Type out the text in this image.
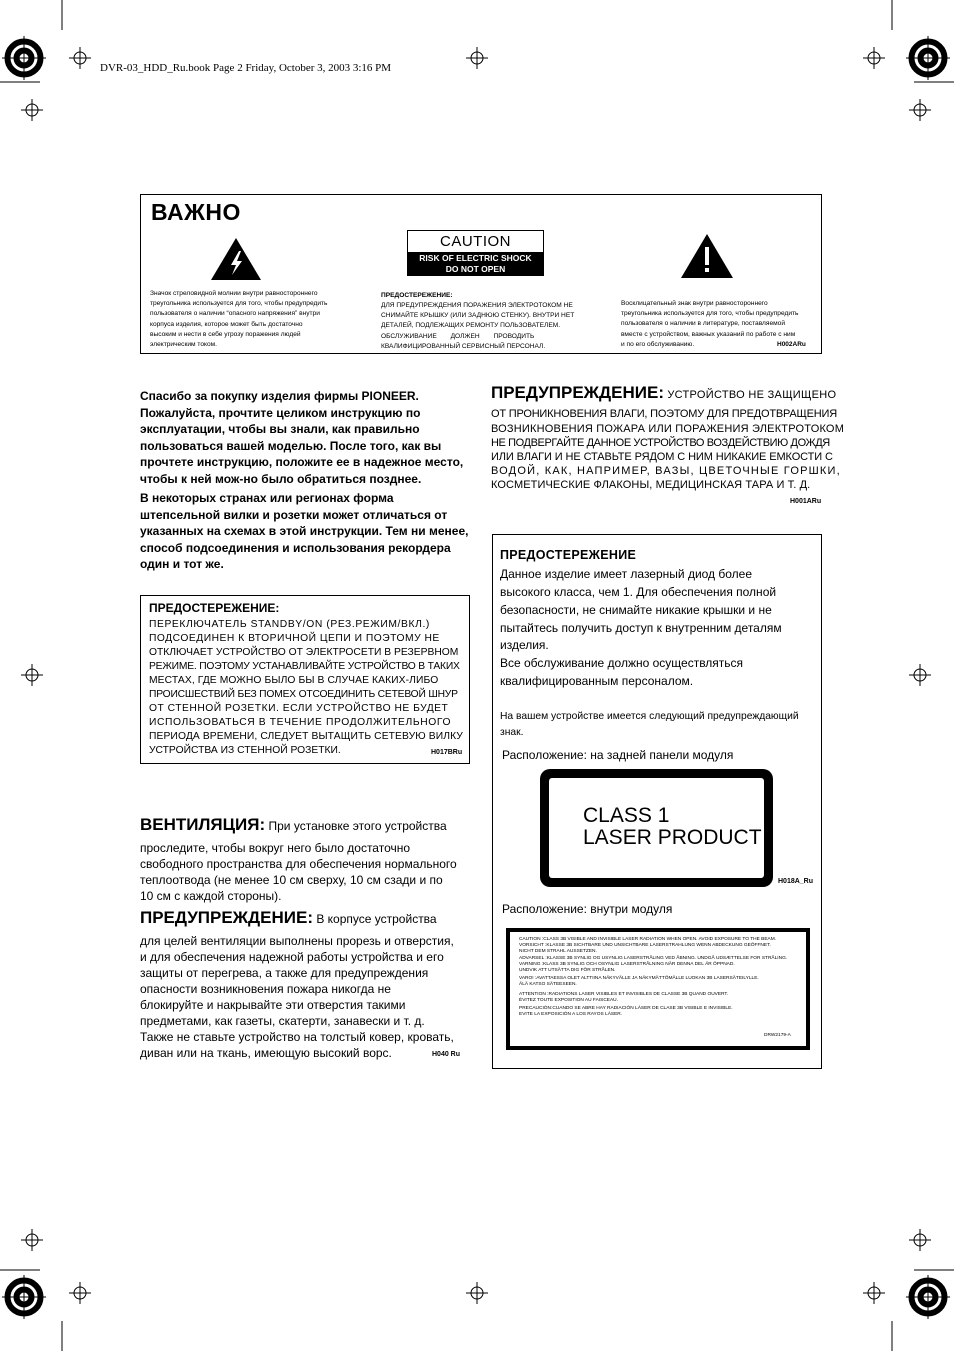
DVR-03_HDD_Ru.book Page 2 Friday, October 3, 2003 3:16 PM
ВАЖНО
Значок стреловидной молнии внутри равностороннего
треугольника используется для того, чтобы предупредить
пользователя о наличии “опасного напряжения” внутри
корпуса изделия, которое может быть достаточно
высоким и нести в себе угрозу поражения людей
электрическим током.
CAUTION
RISK OF ELECTRIC SHOCK
DO NOT OPEN
ПРЕДОСТЕРЕЖЕНИЕ:
ДЛЯ ПРЕДУПРЕЖДЕНИЯ ПОРАЖЕНИЯ ЭЛЕКТРОТОКОМ НЕ
СНИМАЙТЕ КРЫШКУ (ИЛИ ЗАДНЮЮ СТЕНКУ). ВНУТРИ НЕТ
ДЕТАЛЕЙ, ПОДЛЕЖАЩИХ РЕМОНТУ ПОЛЬЗОВАТЕЛЕМ.
ОБСЛУЖИВАНИЕ ДОЛЖЕН ПРОВОДИТЬ
КВАЛИФИЦИРОВАННЫЙ СЕРВИСНЫЙ ПЕРСОНАЛ.
Восклицательный знак внутри равностороннего
треугольника используется для того, чтобы предупредить
пользователя о наличии в литературе, поставляемой
вместе с устройством, важных указаний по работе с ним
и по его обслуживанию.	H002ARu
Спасибо за покупку изделия фирмы PIONEER.
Пожалуйста, прочтите целиком инструкцию по
эксплуатации, чтобы вы знали, как правильно
пользоваться вашей моделью. После того, как вы
прочтете инструкцию, положите ее в надежное место,
чтобы к ней мож-но было обратиться позднее.
В некоторых странах или регионах форма
штепсельной вилки и розетки может отличаться от
указанных на схемах в этой инструкции. Тем ни менее,
способ подсоединения и использования рекордера
один и тот же.
ПРЕДОСТЕРЕЖЕНИЕ:
ПЕРЕКЛЮЧАТЕЛЬ STANDBY/ON (РЕЗ.РЕЖИМ/ВКЛ.)
ПОДСОЕДИНЕН К ВТОРИЧНОЙ ЦЕПИ И ПОЭТОМУ НЕ
ОТКЛЮЧАЕТ УСТРОЙСТВО ОТ ЭЛЕКТРОСЕТИ В РЕЗЕРВНОМ
РЕЖИМЕ. ПОЭТОМУ УСТАНАВЛИВАЙТЕ УСТРОЙСТВО В ТАКИХ
МЕСТАХ, ГДЕ МОЖНО БЫЛО БЫ В СЛУЧАЕ КАКИХ-ЛИБО
ПРОИСШЕСТВИЙ БЕЗ ПОМЕХ ОТСОЕДИНИТЬ СЕТЕВОЙ ШНУР
ОТ СТЕННОЙ РОЗЕТКИ. ЕСЛИ УСТРОЙСТВО НЕ БУДЕТ
ИСПОЛЬЗОВАТЬСЯ В ТЕЧЕНИЕ ПРОДОЛЖИТЕЛЬНОГО
ПЕРИОДА ВРЕМЕНИ, СЛЕДУЕТ ВЫТАЩИТЬ СЕТЕВУЮ ВИЛКУ
УСТРОЙСТВА ИЗ СТЕННОЙ РОЗЕТКИ.	H017BRu
ВЕНТИЛЯЦИЯ: При установке этого устройства
проследите, чтобы вокруг него было достаточно
свободного пространства для обеспечения нормального
теплоотвода (не менее 10 см сверху, 10 см сзади и по
10 см с каждой стороны).
ПРЕДУПРЕЖДЕНИЕ: В корпусе устройства
для целей вентиляции выполнены прорезь и отверстия,
и для обеспечения надежной работы устройства и его
защиты от перегрева, а также для предупреждения
опасности возникновения пожара никогда не
блокируйте и накрывайте эти отверстия такими
предметами, как газеты, скатерти, занавески и т. д.
Также не ставьте устройство на толстый ковер, кровать,
диван или на ткань, имеющую высокий ворс.	H040 Ru
ПРЕДУПРЕЖДЕНИЕ: УСТРОЙСТВО НЕ ЗАЩИЩЕНО
ОТ ПРОНИКНОВЕНИЯ ВЛАГИ, ПОЭТОМУ ДЛЯ ПРЕДОТВРАЩЕНИЯ
ВОЗНИКНОВЕНИЯ ПОЖАРА ИЛИ ПОРАЖЕНИЯ ЭЛЕКТРОТОКОМ
НЕ ПОДВЕРГАЙТЕ ДАННОЕ УСТРОЙСТВО ВОЗДЕЙСТВИЮ ДОЖДЯ
ИЛИ ВЛАГИ И НЕ СТАВЬТЕ РЯДОМ С НИМ НИКАКИЕ ЕМКОСТИ С
ВОДОЙ, КАК, НАПРИМЕР, ВАЗЫ, ЦВЕТОЧНЫЕ ГОРШКИ,
КОСМЕТИЧЕСКИЕ ФЛАКОНЫ, МЕДИЦИНСКАЯ ТАРА И Т. Д.
H001ARu
ПРЕДОСТЕРЕЖЕНИЕ
Данное изделие имеет лазерный диод более
высокого класса, чем 1. Для обеспечения полной
безопасности, не снимайте никакие крышки и не
пытайтесь получить доступ к внутренним деталям
изделия.
Все обслуживание должно осуществляться
квалифицированным персоналом.
На вашем устройстве имеется следующий предупреждающий
знак.
Расположение: на задней панели модуля
CLASS 1
LASER PRODUCT
H018A_Ru
Расположение: внутри модуля
CAUTION :CLASS 3B VISIBLE AND INVISIBLE LASER RADIATION WHEN OPEN. AVOID EXPOSURE TO THE BEAM.
VORSICHT :KLASSE 3B SICHTBARE UND UNSICHTBARE LASERSTRAHLUNG WENN ABDECKUNG GEÖFFNET.
NICHT DEM STRAHL AUSSETZEN.
ADVARSEL :KLASSE 3B SYNLIG OG USYNLIG LASERSTRÅLING VED ÅBNING. UNDGÅ UDSÆTTELSE FOR STRÅLING.
VARNING :KLASS 3B SYNLIG OCH OSYNLIG LASERSTRÅLNING NÄR DENNA DEL ÄR ÖPPNAD.
UNDVIK ATT UTSÄTTA DIG FÖR STRÅLEN.
VARO! :AVATTAESSA OLET ALTTIINA NÄKYVÄLLE JA NÄKYMÄTTÖMÄLLE LUOKAN 3B LASERSÄTEILYLLE.
ÄLÄ KATSO SÄTEESEEN.
ATTENTION :RADIATIONS LASER VISIBLES ET INVISIBLES DE CLASSE 3B QUAND OUVERT.
ÉVITEZ TOUTE EXPOSITION AU FAISCEAU.
PRECAUCIÓN:CUANDO SE ABRE HAY RADIACIÓN LÁSER DE CLASE 3B VISIBLE E INVISIBLE.
EVITE LA EXPOSICIÓN A LOS RAYOS LÁSER.
DRW2179-A
